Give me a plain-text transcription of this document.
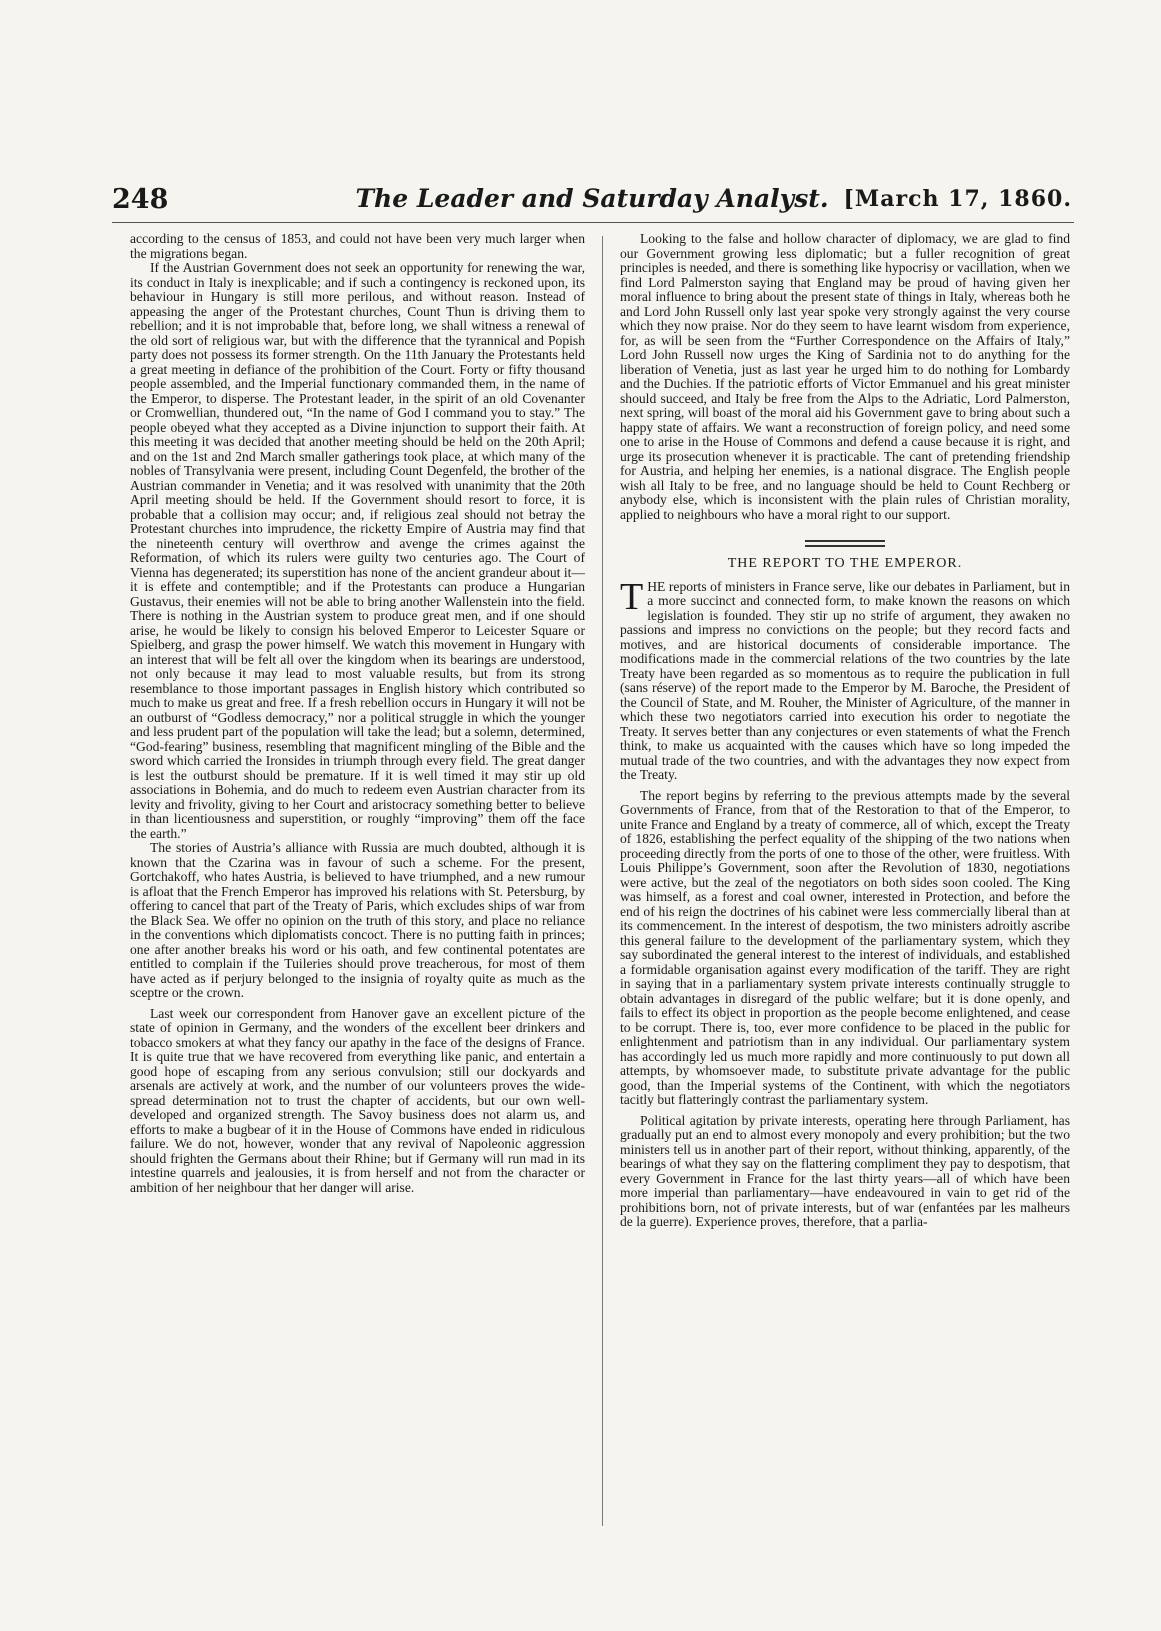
248	The Leader and Saturday Analyst. [March 17, 1860.

according to the census of 1853, and could not have been very much larger when the migrations began.

If the Austrian Government does not seek an opportunity for renewing the war, its conduct in Italy is inexplicable; and if such a contingency is reckoned upon, its behaviour in Hungary is still more perilous, and without reason. Instead of appeasing the anger of the Protestant churches, Count Thun is driving them to rebellion; and it is not improbable that, before long, we shall witness a renewal of the old sort of religious war, but with the difference that the tyrannical and Popish party does not possess its former strength. On the 11th January the Protestants held a great meeting in defiance of the prohibition of the Court. Forty or fifty thousand people assembled, and the Imperial functionary commanded them, in the name of the Emperor, to disperse. The Protestant leader, in the spirit of an old Covenanter or Cromwellian, thundered out, “In the name of God I command you to stay.” The people obeyed what they accepted as a Divine injunction to support their faith. At this meeting it was decided that another meeting should be held on the 20th April; and on the 1st and 2nd March smaller gatherings took place, at which many of the nobles of Transylvania were present, including Count Degenfeld, the brother of the Austrian commander in Venetia; and it was resolved with unanimity that the 20th April meeting should be held. If the Government should resort to force, it is probable that a collision may occur; and, if religious zeal should not betray the Protestant churches into imprudence, the ricketty Empire of Austria may find that the nineteenth century will overthrow and avenge the crimes against the Reformation, of which its rulers were guilty two centuries ago. The Court of Vienna has degenerated; its superstition has none of the ancient grandeur about it—it is effete and contemptible; and if the Protestants can produce a Hungarian Gustavus, their enemies will not be able to bring another Wallenstein into the field. There is nothing in the Austrian system to produce great men, and if one should arise, he would be likely to consign his beloved Emperor to Leicester Square or Spielberg, and grasp the power himself. We watch this movement in Hungary with an interest that will be felt all over the kingdom when its bearings are understood, not only because it may lead to most valuable results, but from its strong resemblance to those important passages in English history which contributed so much to make us great and free. If a fresh rebellion occurs in Hungary it will not be an outburst of “Godless democracy,” nor a political struggle in which the younger and less prudent part of the population will take the lead; but a solemn, determined, “God-fearing” business, resembling that magnificent mingling of the Bible and the sword which carried the Ironsides in triumph through every field. The great danger is lest the outburst should be premature. If it is well timed it may stir up old associations in Bohemia, and do much to redeem even Austrian character from its levity and frivolity, giving to her Court and aristocracy something better to believe in than licentiousness and superstition, or roughly “improving” them off the face the earth.”

The stories of Austria’s alliance with Russia are much doubted, although it is known that the Czarina was in favour of such a scheme. For the present, Gortchakoff, who hates Austria, is believed to have triumphed, and a new rumour is afloat that the French Emperor has improved his relations with St. Petersburg, by offering to cancel that part of the Treaty of Paris, which excludes ships of war from the Black Sea. We offer no opinion on the truth of this story, and place no reliance in the conventions which diplomatists concoct. There is no putting faith in princes; one after another breaks his word or his oath, and few continental potentates are entitled to complain if the Tuileries should prove treacherous, for most of them have acted as if perjury belonged to the insignia of royalty quite as much as the sceptre or the crown.

Last week our correspondent from Hanover gave an excellent picture of the state of opinion in Germany, and the wonders of the excellent beer drinkers and tobacco smokers at what they fancy our apathy in the face of the designs of France. It is quite true that we have recovered from everything like panic, and entertain a good hope of escaping from any serious convulsion; still our dockyards and arsenals are actively at work, and the number of our volunteers proves the wide-spread determination not to trust the chapter of accidents, but our own well-developed and organized strength. The Savoy business does not alarm us, and efforts to make a bugbear of it in the House of Commons have ended in ridiculous failure. We do not, however, wonder that any revival of Napoleonic aggression should frighten the Germans about their Rhine; but if Germany will run mad in its intestine quarrels and jealousies, it is from herself and not from the character or ambition of her neighbour that her danger will arise.

Looking to the false and hollow character of diplomacy, we are glad to find our Government growing less diplomatic; but a fuller recognition of great principles is needed, and there is something like hypocrisy or vacillation, when we find Lord Palmerston saying that England may be proud of having given her moral influence to bring about the present state of things in Italy, whereas both he and Lord John Russell only last year spoke very strongly against the very course which they now praise. Nor do they seem to have learnt wisdom from experience, for, as will be seen from the “Further Correspondence on the Affairs of Italy,” Lord John Russell now urges the King of Sardinia not to do anything for the liberation of Venetia, just as last year he urged him to do nothing for Lombardy and the Duchies. If the patriotic efforts of Victor Emmanuel and his great minister should succeed, and Italy be free from the Alps to the Adriatic, Lord Palmerston, next spring, will boast of the moral aid his Government gave to bring about such a happy state of affairs. We want a reconstruction of foreign policy, and need some one to arise in the House of Commons and defend a cause because it is right, and urge its prosecution whenever it is practicable. The cant of pretending friendship for Austria, and helping her enemies, is a national disgrace. The English people wish all Italy to be free, and no language should be held to Count Rechberg or anybody else, which is inconsistent with the plain rules of Christian morality, applied to neighbours who have a moral right to our support.

THE REPORT TO THE EMPEROR.

THE reports of ministers in France serve, like our debates in Parliament, but in a more succinct and connected form, to make known the reasons on which legislation is founded. They stir up no strife of argument, they awaken no passions and impress no convictions on the people; but they record facts and motives, and are historical documents of considerable importance. The modifications made in the commercial relations of the two countries by the late Treaty have been regarded as so momentous as to require the publication in full (sans réserve) of the report made to the Emperor by M. Baroche, the President of the Council of State, and M. Rouher, the Minister of Agriculture, of the manner in which these two negotiators carried into execution his order to negotiate the Treaty. It serves better than any conjectures or even statements of what the French think, to make us acquainted with the causes which have so long impeded the mutual trade of the two countries, and with the advantages they now expect from the Treaty.

The report begins by referring to the previous attempts made by the several Governments of France, from that of the Restoration to that of the Emperor, to unite France and England by a treaty of commerce, all of which, except the Treaty of 1826, establishing the perfect equality of the shipping of the two nations when proceeding directly from the ports of one to those of the other, were fruitless. With Louis Philippe’s Government, soon after the Revolution of 1830, negotiations were active, but the zeal of the negotiators on both sides soon cooled. The King was himself, as a forest and coal owner, interested in Protection, and before the end of his reign the doctrines of his cabinet were less commercially liberal than at its commencement. In the interest of despotism, the two ministers adroitly ascribe this general failure to the development of the parliamentary system, which they say subordinated the general interest to the interest of individuals, and established a formidable organisation against every modification of the tariff. They are right in saying that in a parliamentary system private interests continually struggle to obtain advantages in disregard of the public welfare; but it is done openly, and fails to effect its object in proportion as the people become enlightened, and cease to be corrupt. There is, too, ever more confidence to be placed in the public for enlightenment and patriotism than in any individual. Our parliamentary system has accordingly led us much more rapidly and more continuously to put down all attempts, by whomsoever made, to substitute private advantage for the public good, than the Imperial systems of the Continent, with which the negotiators tacitly but flatteringly contrast the parliamentary system.

Political agitation by private interests, operating here through Parliament, has gradually put an end to almost every monopoly and every prohibition; but the two ministers tell us in another part of their report, without thinking, apparently, of the bearings of what they say on the flattering compliment they pay to despotism, that every Government in France for the last thirty years—all of which have been more imperial than parliamentary—have endeavoured in vain to get rid of the prohibitions born, not of private interests, but of war (enfantées par les malheurs de la guerre). Experience proves, therefore, that a parlia-
